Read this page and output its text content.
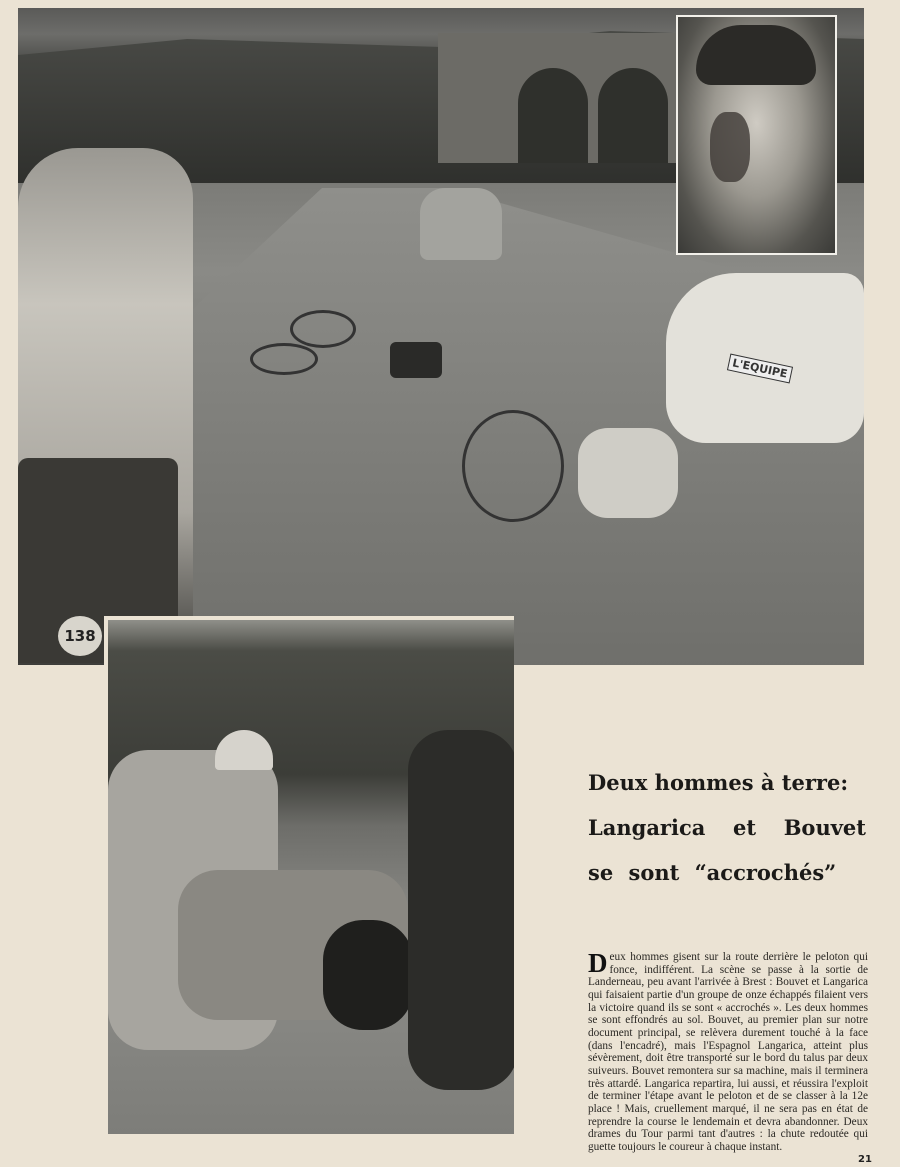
L'EQUIPE
138
Deux hommes à terre:
Langarica et Bouvet
se sont “accrochés”
Deux hommes gisent sur la route derrière le peloton qui fonce, indifférent. La scène se passe à la sortie de Landerneau, peu avant l'arrivée à Brest : Bouvet et Langarica qui faisaient partie d'un groupe de onze échappés filaient vers la victoire quand ils se sont « accrochés ». Les deux hommes se sont effondrés au sol. Bouvet, au premier plan sur notre document principal, se relèvera durement touché à la face (dans l'encadré), mais l'Espagnol Langarica, atteint plus sévèrement, doit être transporté sur le bord du talus par deux suiveurs. Bouvet remontera sur sa machine, mais il terminera très attardé. Langarica repartira, lui aussi, et réussira l'exploit de terminer l'étape avant le peloton et de se classer à la 12e place ! Mais, cruellement marqué, il ne sera pas en état de reprendre la course le lendemain et devra abandonner. Deux drames du Tour parmi tant d'autres : la chute redoutée qui guette toujours le coureur à chaque instant.
21
